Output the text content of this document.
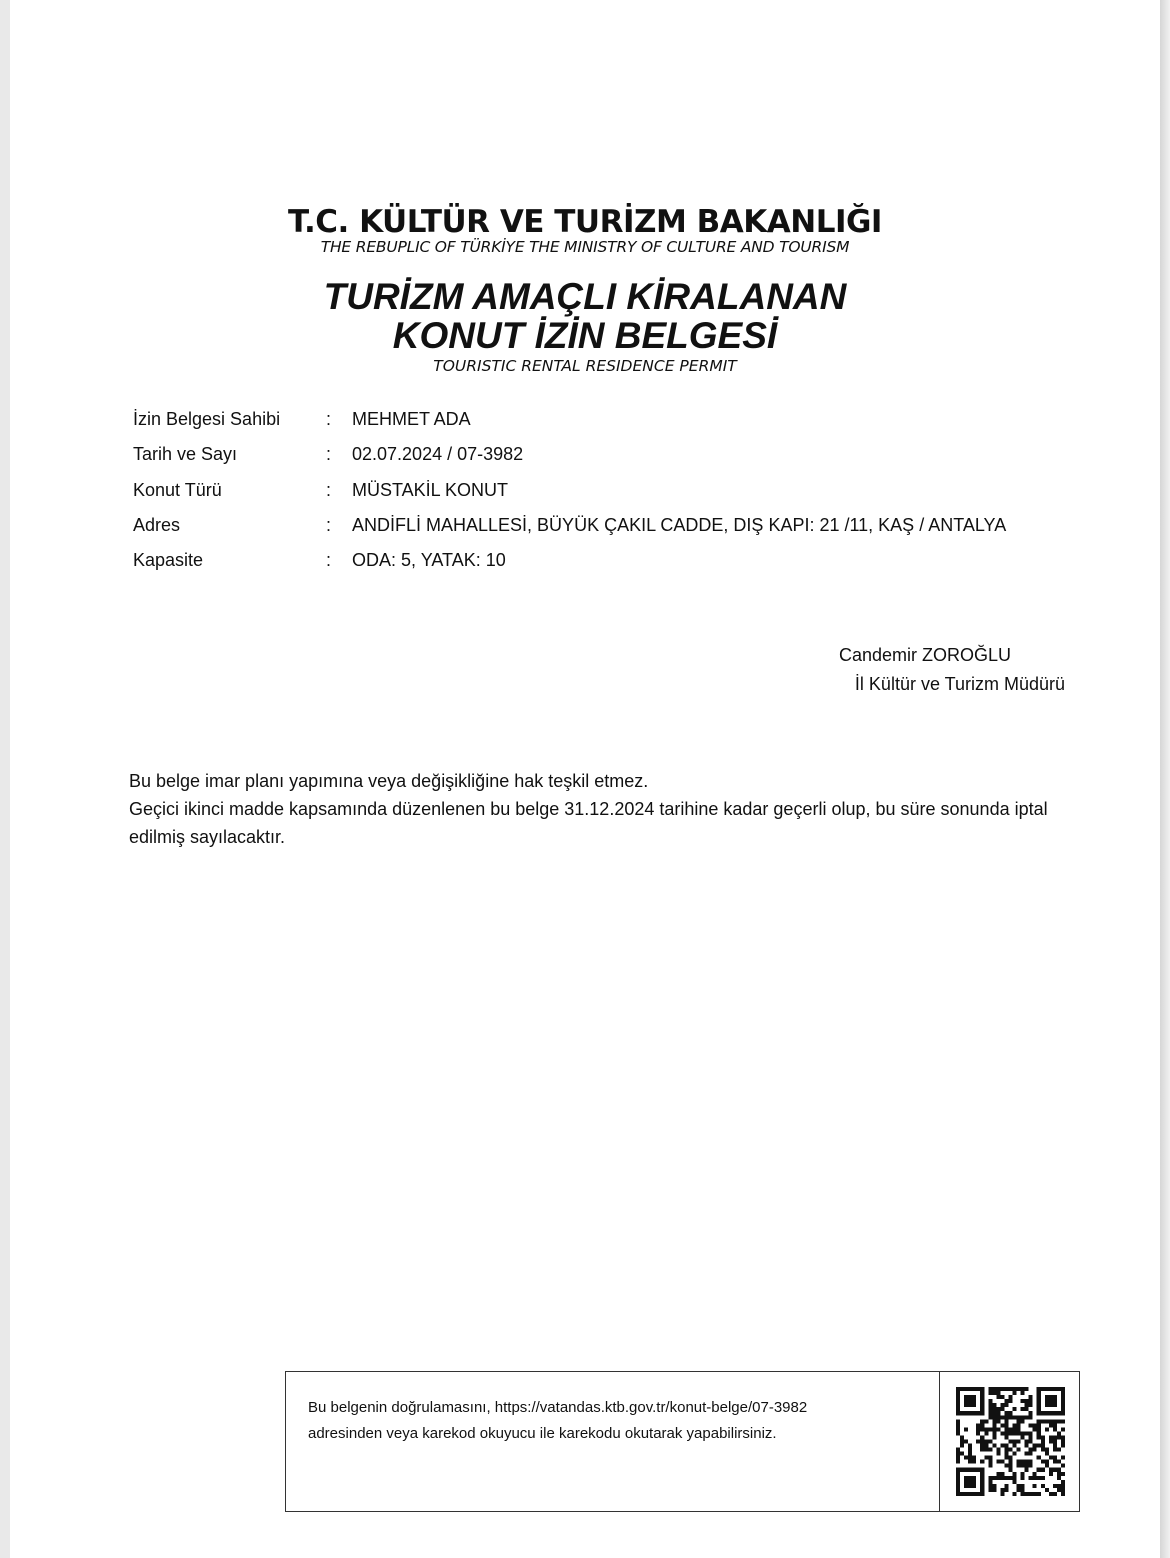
T.C. KÜLTÜR VE TURİZM BAKANLIĞI
THE REBUPLIC OF TÜRKİYE THE MINISTRY OF CULTURE AND TOURISM
TURİZM AMAÇLI KİRALANAN
KONUT İZİN BELGESİ
TOURISTIC RENTAL RESIDENCE PERMIT
İzin Belgesi Sahibi	: MEHMET ADA
Tarih ve Sayı	: 02.07.2024 / 07-3982
Konut Türü	: MÜSTAKİL KONUT
Adres	: ANDİFLİ MAHALLESİ, BÜYÜK ÇAKIL CADDE, DIŞ KAPI: 21 /11, KAŞ / ANTALYA
Kapasite	: ODA: 5, YATAK: 10
Candemir ZOROĞLU
İl Kültür ve Turizm Müdürü
Bu belge imar planı yapımına veya değişikliğine hak teşkil etmez.
Geçici ikinci madde kapsamında düzenlenen bu belge 31.12.2024 tarihine kadar geçerli olup, bu süre sonunda iptal edilmiş sayılacaktır.
Bu belgenin doğrulamasını, https://vatandas.ktb.gov.tr/konut-belge/07-3982
adresinden veya karekod okuyucu ile karekodu okutarak yapabilirsiniz.
